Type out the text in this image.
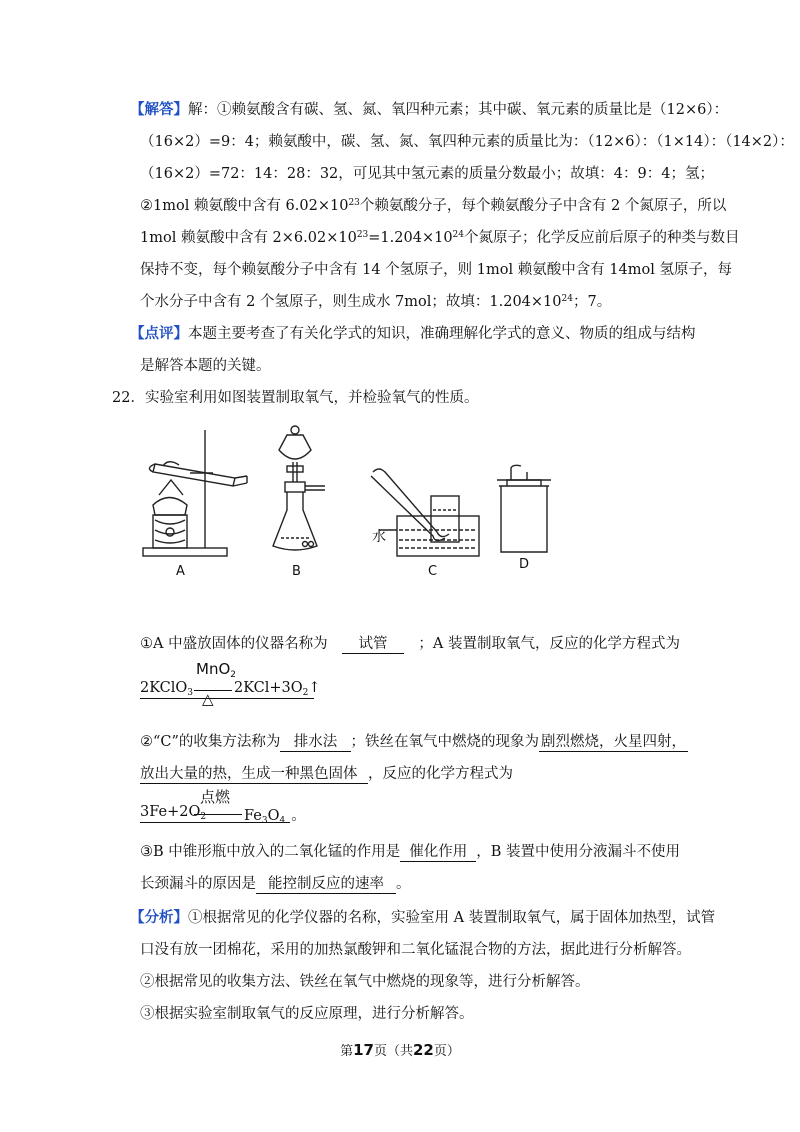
【解答】解：①赖氨酸含有碳、氢、氮、氧四种元素；其中碳、氧元素的质量比是（12×6）：
（16×2）=9：4；赖氨酸中，碳、氢、氮、氧四种元素的质量比为：（12×6）：（1×14）：（14×2）：
（16×2）=72：14：28：32，可见其中氢元素的质量分数最小；故填：4：9：4；氢；
②1mol 赖氨酸中含有 $6.02\times 10^{23}$个赖氨酸分子，每个赖氨酸分子中含有 2 个氮原子，所以
1mol 赖氨酸中含有 $2\times 6.02\times 10^{23}=1.204\times 10^{24}$个氮原子；化学反应前后原子的种类与数目
保持不变，每个赖氨酸分子中含有 14 个氢原子，则 1mol 赖氨酸中含有 14mol 氢原子，每
个水分子中含有 2 个氢原子，则生成水 7mol；故填：$1.204\times 10^{24}$；7。
【点评】本题主要考查了有关化学式的知识，准确理解化学式的意义、物质的组成与结构
是解答本题的关键。
22．实验室利用如图装置制取氧气，并检验氧气的性质。
A	B	C	D
水
①A 中盛放固体的仪器名称为	试管	；A 装置制取氧气，反应的化学方程式为
MnO$_2$
2KClO$_3$ △
$2KCl+3O_2↑$
②“C”的收集方法称为 排水法 ；铁丝在氧气中燃烧的现象为 剧烈燃烧，火星四射，
放出大量的热，生成一种黑色固体 ，反应的化学方程式为
点燃
$3Fe+2O_2$	$Fe_3O_4$ 。
③B 中锥形瓶中放入的二氧化锰的作用是 催化作用 ，B 装置中使用分液漏斗不使用
长颈漏斗的原因是 能控制反应的速率 。
【分析】①根据常见的化学仪器的名称，实验室用 A 装置制取氧气，属于固体加热型，试管
口没有放一团棉花，采用的加热氯酸钾和二氧化锰混合物的方法，据此进行分析解答。
②根据常见的收集方法、铁丝在氧气中燃烧的现象等，进行分析解答。
③根据实验室制取氧气的反应原理，进行分析解答。
第17页（共22页）
